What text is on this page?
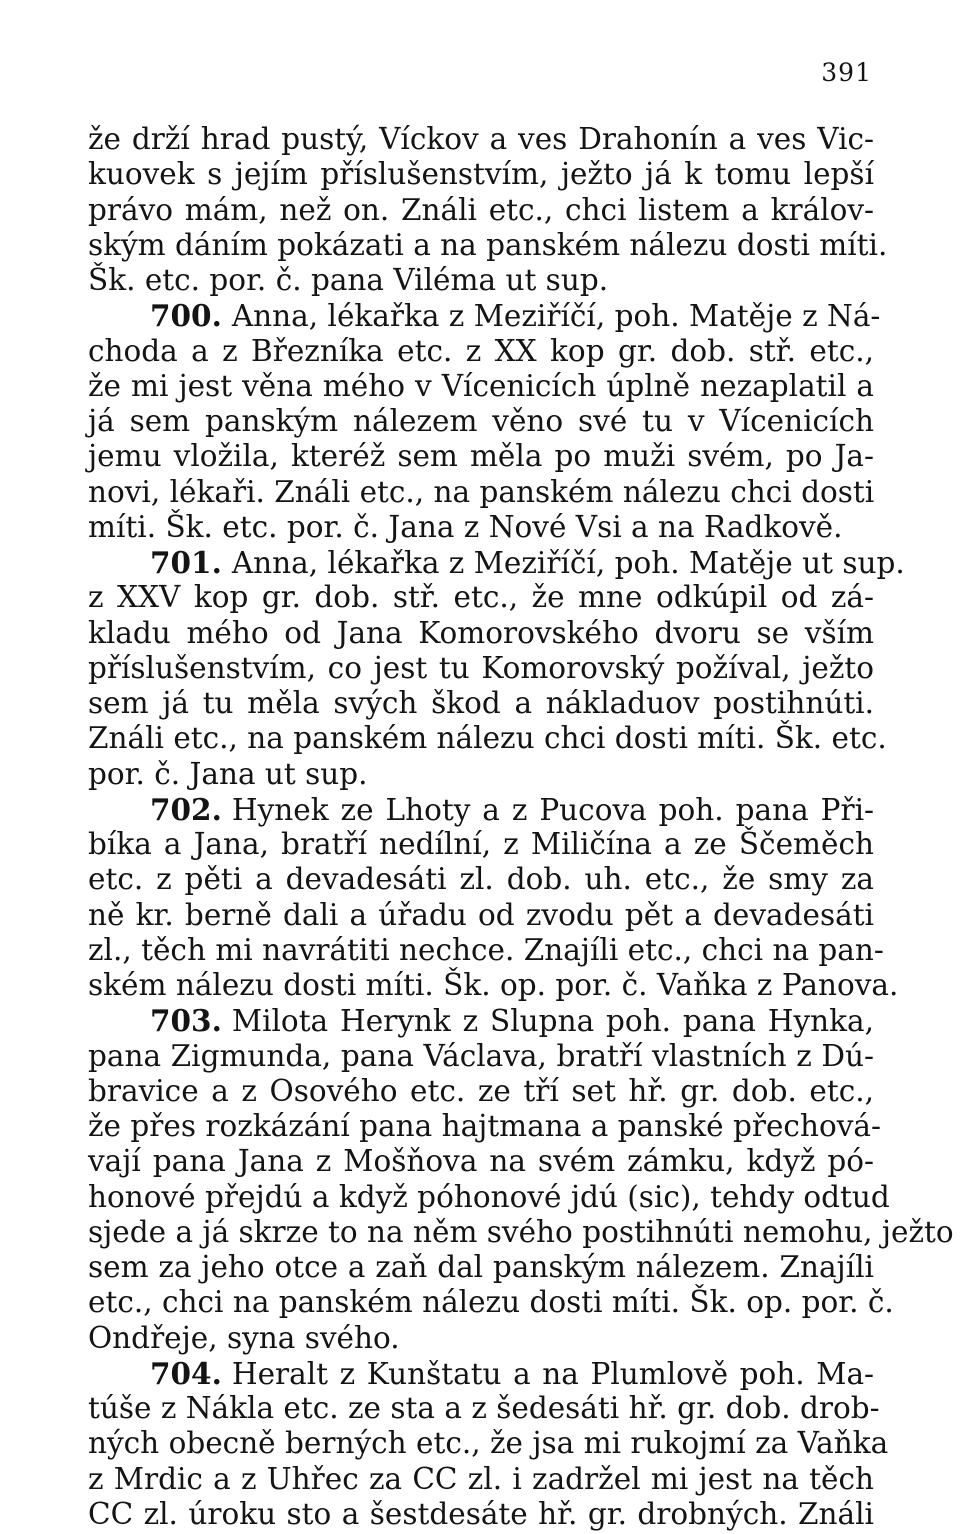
391
že drží hrad pustý, Víckov a ves Drahonín a ves Vic-
kuovek s jejím příslušenstvím, ježto já k tomu lepší
právo mám, než on. Ználi etc., chci listem a králov-
ským dáním pokázati a na panském nálezu dosti míti.
Šk. etc. por. č. pana Viléma ut sup.
700. Anna, lékařka z Meziříčí, poh. Matěje z Ná-
choda a z Březníka etc. z XX kop gr. dob. stř. etc.,
že mi jest věna mého v Vícenicích úplně nezaplatil a
já sem panským nálezem věno své tu v Vícenicích
jemu vložila, kteréž sem měla po muži svém, po Ja-
novi, lékaři. Ználi etc., na panském nálezu chci dosti
míti. Šk. etc. por. č. Jana z Nové Vsi a na Radkově.
701. Anna, lékařka z Meziříčí, poh. Matěje ut sup.
z XXV kop gr. dob. stř. etc., že mne odkúpil od zá-
kladu mého od Jana Komorovského dvoru se vším
příslušenstvím, co jest tu Komorovský požíval, ježto
sem já tu měla svých škod a nákladuov postihnúti.
Ználi etc., na panském nálezu chci dosti míti. Šk. etc.
por. č. Jana ut sup.
702. Hynek ze Lhoty a z Pucova poh. pana Při-
bíka a Jana, bratří nedílní, z Miličína a ze Ščeměch
etc. z pěti a devadesáti zl. dob. uh. etc., že smy za
ně kr. berně dali a úřadu od zvodu pět a devadesáti
zl., těch mi navrátiti nechce. Znajíli etc., chci na pan-
ském nálezu dosti míti. Šk. op. por. č. Vaňka z Panova.
703. Milota Herynk z Slupna poh. pana Hynka,
pana Zigmunda, pana Václava, bratří vlastních z Dú-
bravice a z Osového etc. ze tří set hř. gr. dob. etc.,
že přes rozkázání pana hajtmana a panské přechová-
vají pana Jana z Mošňova na svém zámku, když pó-
honové přejdú a když póhonové jdú (sic), tehdy odtud
sjede a já skrze to na něm svého postihnúti nemohu, ježto
sem za jeho otce a zaň dal panským nálezem. Znajíli
etc., chci na panském nálezu dosti míti. Šk. op. por. č.
Ondřeje, syna svého.
704. Heralt z Kunštatu a na Plumlově poh. Ma-
túše z Nákla etc. ze sta a z šedesáti hř. gr. dob. drob-
ných obecně berných etc., že jsa mi rukojmí za Vaňka
z Mrdic a z Uhřec za CC zl. i zadržel mi jest na těch
CC zl. úroku sto a šestdesáte hř. gr. drobných. Ználi
